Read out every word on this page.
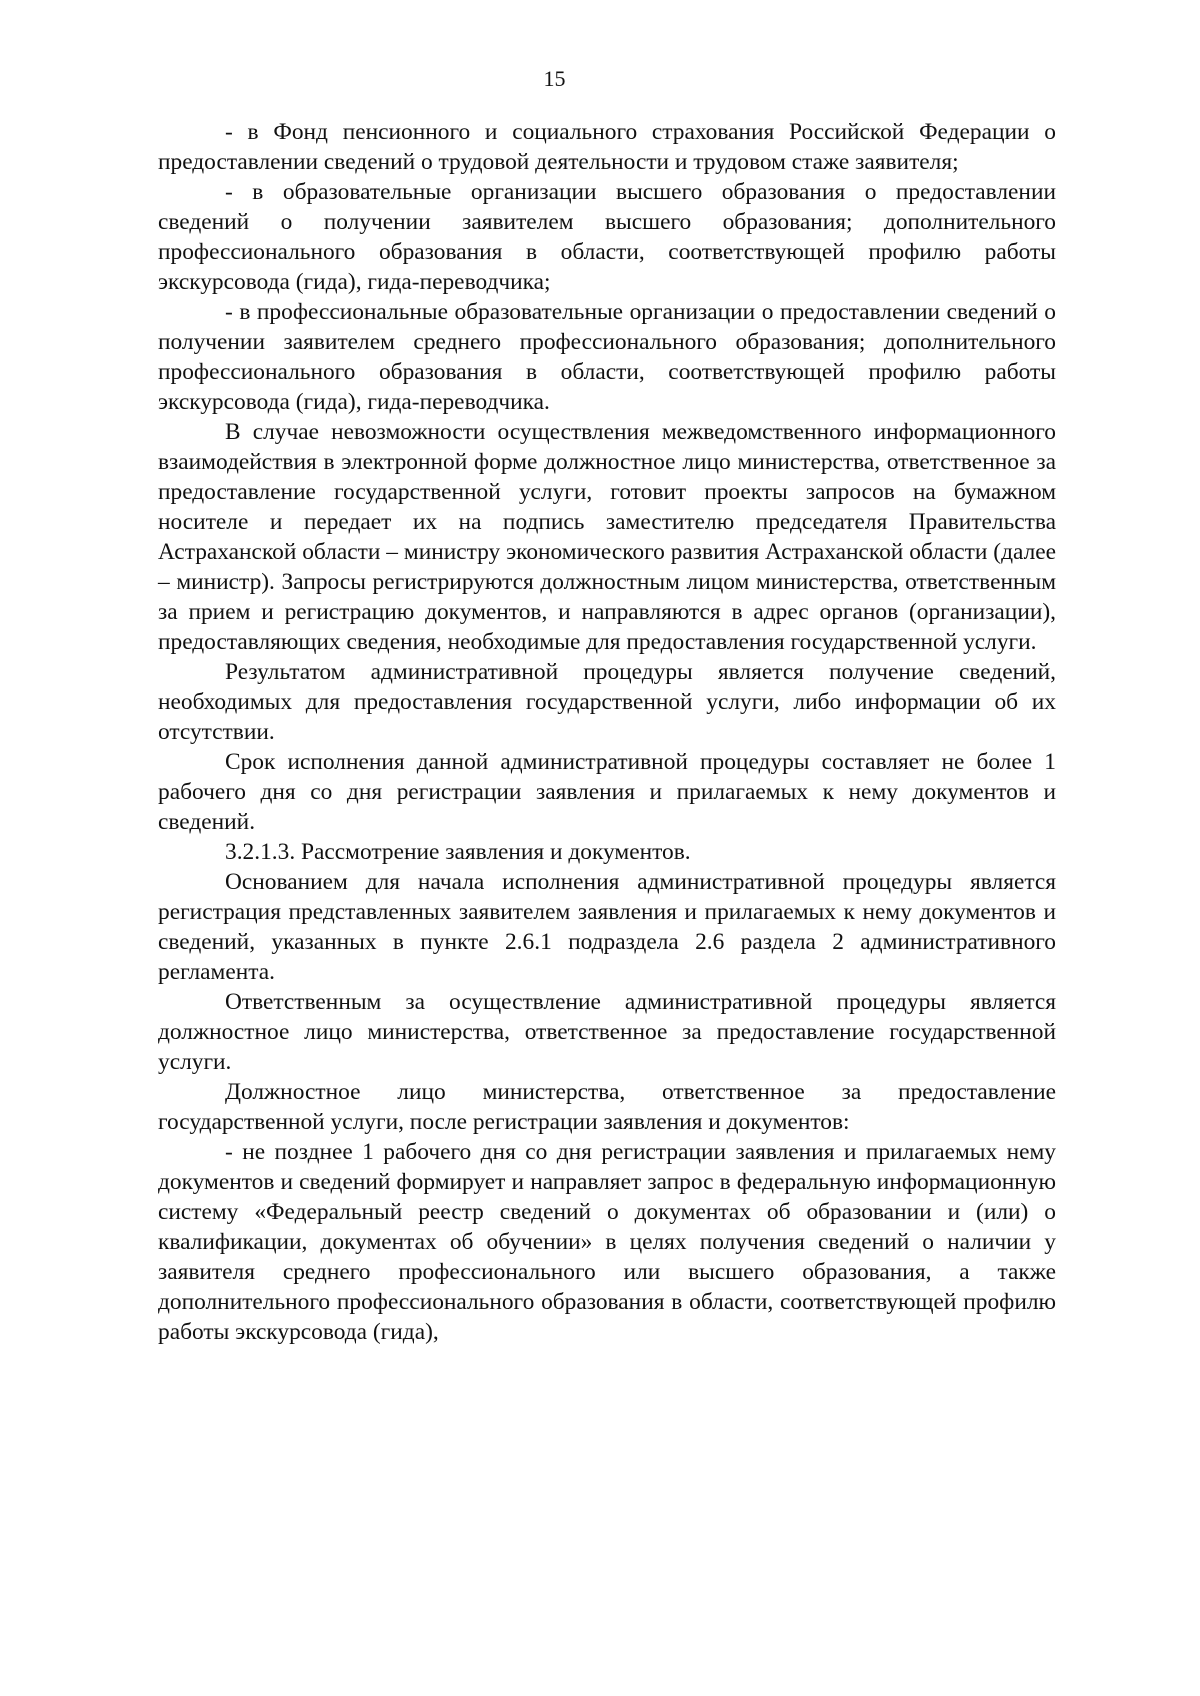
15

- в Фонд пенсионного и социального страхования Российской Федерации о предоставлении сведений о трудовой деятельности и трудовом стаже заявителя;

- в образовательные организации высшего образования о предоставлении сведений о получении заявителем высшего образования; дополнительного профессионального образования в области, соответствующей профилю работы экскурсовода (гида), гида-переводчика;

- в профессиональные образовательные организации о предоставлении сведений о получении заявителем среднего профессионального образования; дополнительного профессионального образования в области, соответствующей профилю работы экскурсовода (гида), гида-переводчика.

В случае невозможности осуществления межведомственного информационного взаимодействия в электронной форме должностное лицо министерства, ответственное за предоставление государственной услуги, готовит проекты запросов на бумажном носителе и передает их на подпись заместителю председателя Правительства Астраханской области – министру экономического развития Астраханской области (далее – министр). Запросы регистрируются должностным лицом министерства, ответственным за прием и регистрацию документов, и направляются в адрес органов (организации), предоставляющих сведения, необходимые для предоставления государственной услуги.

Результатом административной процедуры является получение сведений, необходимых для предоставления государственной услуги, либо информации об их отсутствии.

Срок исполнения данной административной процедуры составляет не более 1 рабочего дня со дня регистрации заявления и прилагаемых к нему документов и сведений.

3.2.1.3. Рассмотрение заявления и документов.

Основанием для начала исполнения административной процедуры является регистрация представленных заявителем заявления и прилагаемых к нему документов и сведений, указанных в пункте 2.6.1 подраздела 2.6 раздела 2 административного регламента.

Ответственным за осуществление административной процедуры является должностное лицо министерства, ответственное за предоставление государственной услуги.

Должностное лицо министерства, ответственное за предоставление государственной услуги, после регистрации заявления и документов:

- не позднее 1 рабочего дня со дня регистрации заявления и прилагаемых нему документов и сведений формирует и направляет запрос в федеральную информационную систему «Федеральный реестр сведений о документах об образовании и (или) о квалификации, документах об обучении» в целях получения сведений о наличии у заявителя среднего профессионального или высшего образования, а также дополнительного профессионального образования в области, соответствующей профилю работы экскурсовода (гида),
